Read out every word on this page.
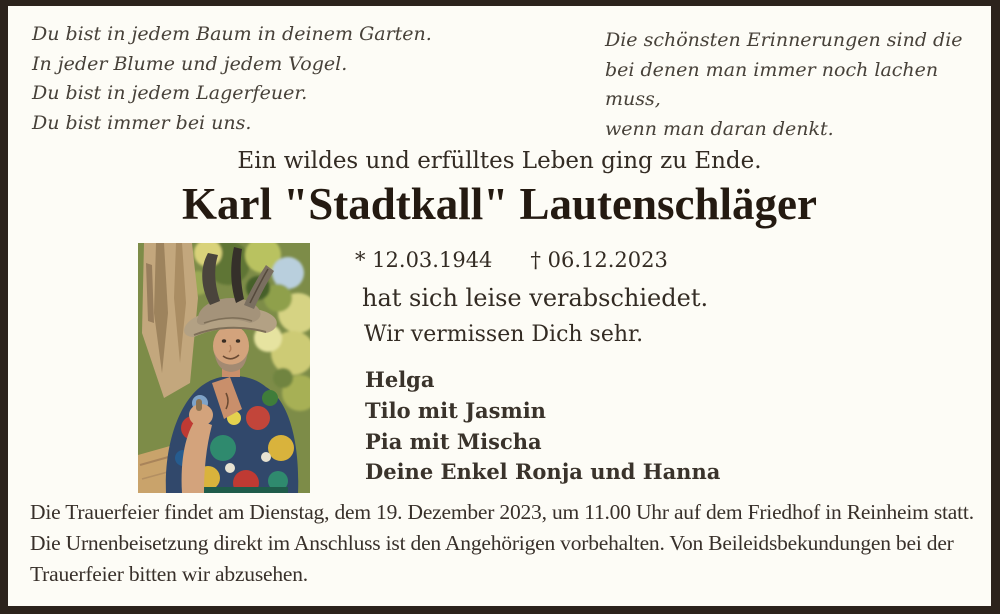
Du bist in jedem Baum in deinem Garten.
In jeder Blume und jedem Vogel.
Du bist in jedem Lagerfeuer.
Du bist immer bei uns.
Die schönsten Erinnerungen sind die
bei denen man immer noch lachen muss,
wenn man daran denkt.
Ein wildes und erfülltes Leben ging zu Ende.
Karl "Stadtkall" Lautenschläger
* 12.03.1944 † 06.12.2023
hat sich leise verabschiedet.
Wir vermissen Dich sehr.
Helga
Tilo mit Jasmin
Pia mit Mischa
Deine Enkel Ronja und Hanna
Die Trauerfeier findet am Dienstag, dem 19. Dezember 2023, um 11.00 Uhr auf dem Friedhof in Reinheim statt. Die Urnenbeisetzung direkt im Anschluss ist den Angehörigen vorbehalten. Von Beileidsbekundungen bei der Trauerfeier bitten wir abzusehen.
